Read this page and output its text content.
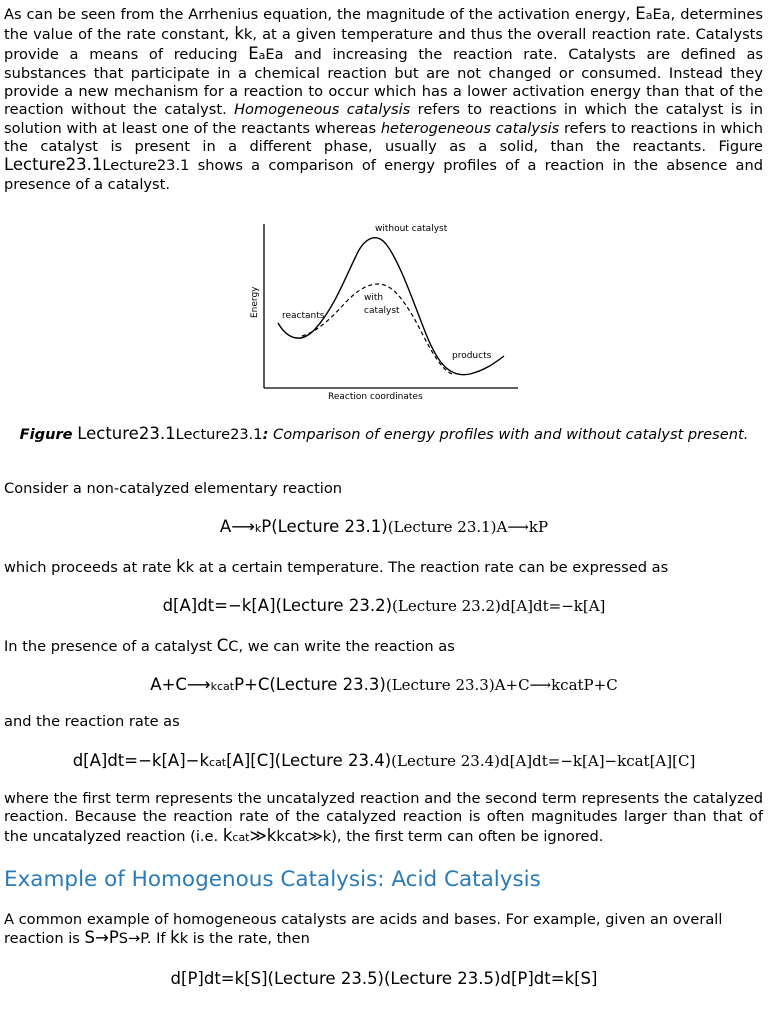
As can be seen from the Arrhenius equation, the magnitude of the activation energy, EaEa, determines the value of the rate constant, kk, at a given temperature and thus the overall reaction rate. Catalysts provide a means of reducing EaEa and increasing the reaction rate. Catalysts are defined as substances that participate in a chemical reaction but are not changed or consumed. Instead they provide a new mechanism for a reaction to occur which has a lower activation energy than that of the reaction without the catalyst. Homogeneous catalysis refers to reactions in which the catalyst is in solution with at least one of the reactants whereas heterogeneous catalysis refers to reactions in which the catalyst is present in a different phase, usually as a solid, than the reactants. Figure Lecture23.1Lecture23.1 shows a comparison of energy profiles of a reaction in the absence and presence of a catalyst.

without catalyst
with
catalyst
reactants
products
Energy
Reaction coordinates
Figure Lecture23.1Lecture23.1: Comparison of energy profiles with and without catalyst present.

Consider a non-catalyzed elementary reaction

A⟶kP(Lecture 23.1)(Lecture 23.1)A⟶kP

which proceeds at rate kk at a certain temperature. The reaction rate can be expressed as

d[A]dt=−k[A](Lecture 23.2)(Lecture 23.2)d[A]dt=−k[A]

In the presence of a catalyst CC, we can write the reaction as

A+C⟶kcatP+C(Lecture 23.3)(Lecture 23.3)A+C⟶kcatP+C

and the reaction rate as

d[A]dt=−k[A]−kcat[A][C](Lecture 23.4)(Lecture 23.4)d[A]dt=−k[A]−kcat[A][C]

where the first term represents the uncatalyzed reaction and the second term represents the catalyzed reaction. Because the reaction rate of the catalyzed reaction is often magnitudes larger than that of the uncatalyzed reaction (i.e. kcat≫kkcat≫k), the first term can often be ignored.

Example of Homogenous Catalysis: Acid Catalysis

A common example of homogeneous catalysts are acids and bases. For example, given an overall reaction is S→PS→P. If kk is the rate, then

d[P]dt=k[S](Lecture 23.5)(Lecture 23.5)d[P]dt=k[S]
